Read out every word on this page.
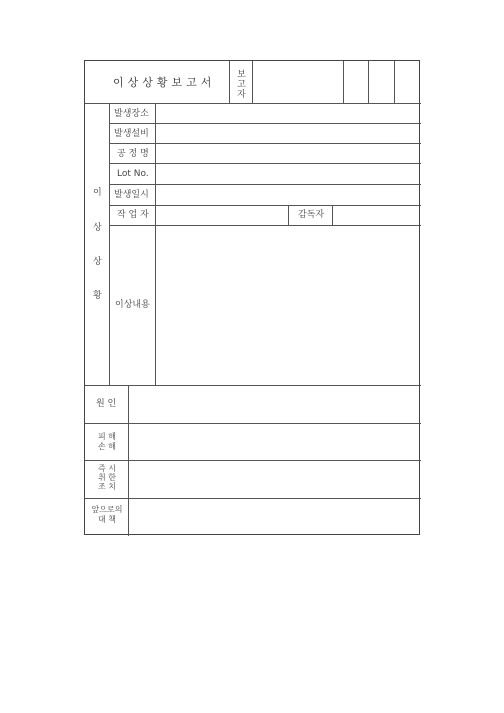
이상상황보고서 보고자
이
상
상
황
발생장소
발생설비
공 정 명
Lot No.
발생일시
작 업 자	감독자
이상내용
원 인
피 해
손 해
즉 시
취 한
조 치
앞으로의
대 책
